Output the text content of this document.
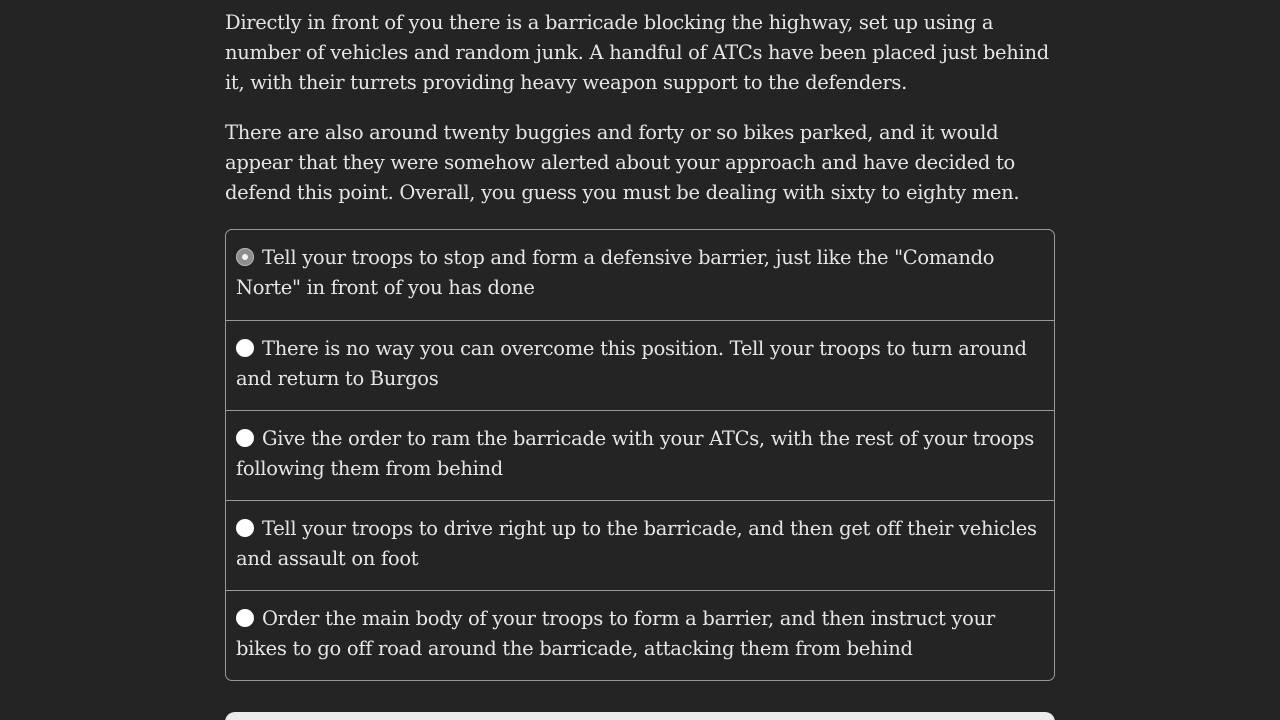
Directly in front of you there is a barricade blocking the highway, set up using a number of vehicles and random junk. A handful of ATCs have been placed just behind it, with their turrets providing heavy weapon support to the defenders.

There are also around twenty buggies and forty or so bikes parked, and it would appear that they were somehow alerted about your approach and have decided to defend this point. Overall, you guess you must be dealing with sixty to eighty men.

Tell your troops to stop and form a defensive barrier, just like the "Comando Norte" in front of you has done
There is no way you can overcome this position. Tell your troops to turn around and return to Burgos
Give the order to ram the barricade with your ATCs, with the rest of your troops following them from behind
Tell your troops to drive right up to the barricade, and then get off their vehicles and assault on foot
Order the main body of your troops to form a barrier, and then instruct your bikes to go off road around the barricade, attacking them from behind
